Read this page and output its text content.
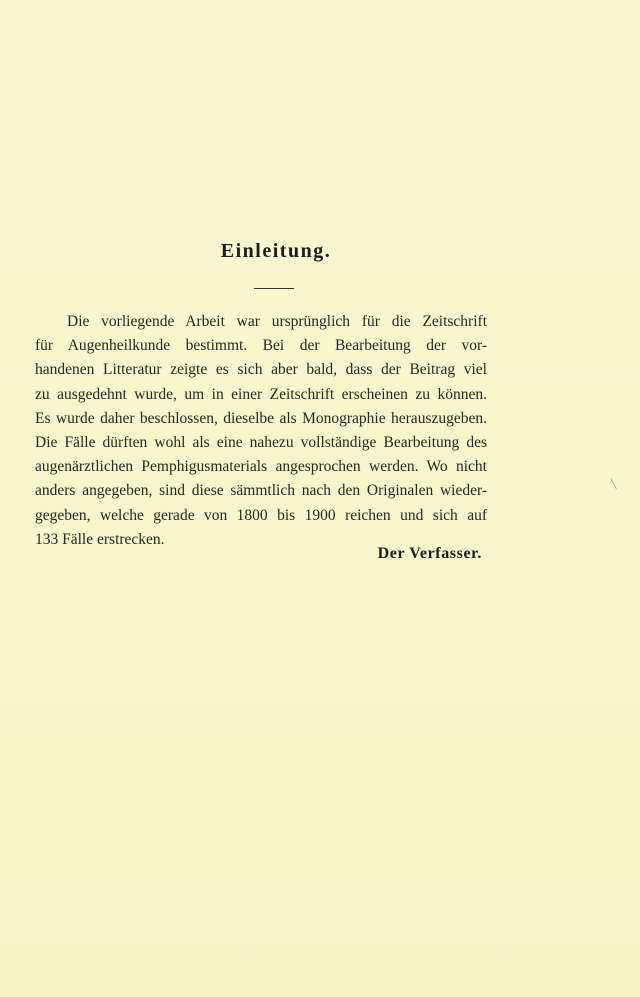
Einleitung.
Die vorliegende Arbeit war ursprünglich für die Zeitschrift
für Augenheilkunde bestimmt. Bei der Bearbeitung der vor-
handenen Litteratur zeigte es sich aber bald, dass der Beitrag viel
zu ausgedehnt wurde, um in einer Zeitschrift erscheinen zu können.
Es wurde daher beschlossen, dieselbe als Monographie herauszugeben.
Die Fälle dürften wohl als eine nahezu vollständige Bearbeitung des
augenärztlichen Pemphigusmaterials angesprochen werden. Wo nicht
anders angegeben, sind diese sämmtlich nach den Originalen wieder-
gegeben, welche gerade von 1800 bis 1900 reichen und sich auf
133 Fälle erstrecken.
Der Verfasser.
╲
